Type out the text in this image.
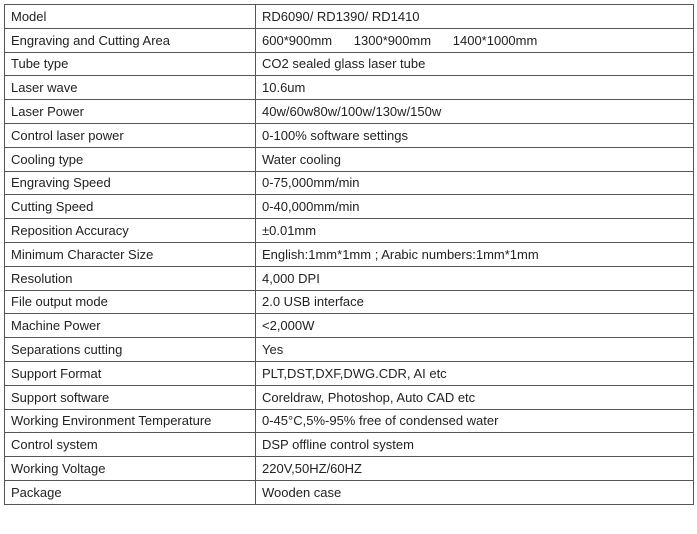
Model	RD6090/ RD1390/ RD1410
Engraving and Cutting Area	600*900mm      1300*900mm      1400*1000mm
Tube type	CO2 sealed glass laser tube
Laser wave	10.6um
Laser Power	40w/60w80w/100w/130w/150w
Control laser power	0-100% software settings
Cooling type	Water cooling
Engraving Speed	0-75,000mm/min
Cutting Speed	0-40,000mm/min
Reposition Accuracy	±0.01mm
Minimum Character Size	English:1mm*1mm ; Arabic numbers:1mm*1mm
Resolution	4,000 DPI
File output mode	2.0 USB interface
Machine Power	<2,000W
Separations cutting	Yes
Support Format	PLT,DST,DXF,DWG.CDR, AI etc
Support software	Coreldraw, Photoshop, Auto CAD etc
Working Environment Temperature	0-45°C,5%-95% free of condensed water
Control system	DSP offline control system
Working Voltage	220V,50HZ/60HZ
Package	Wooden case
